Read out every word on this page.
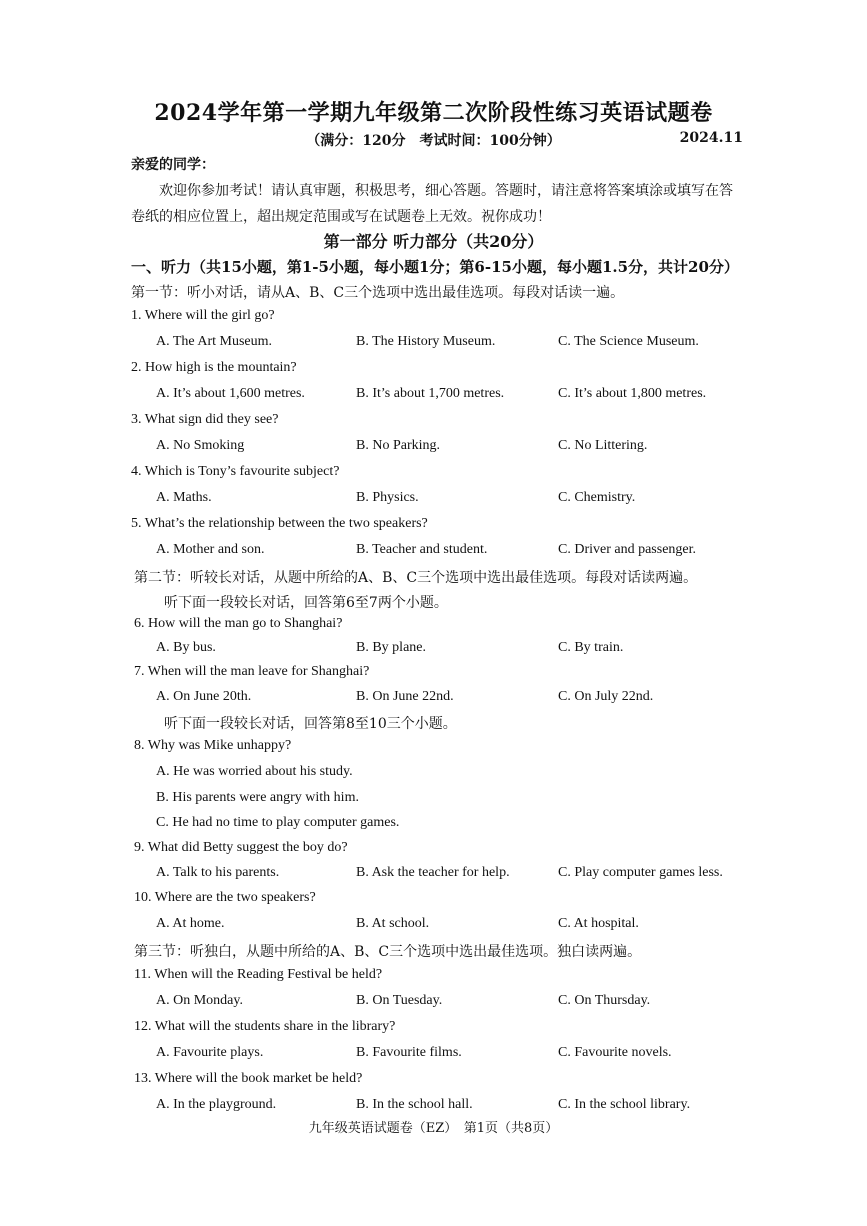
2024学年第一学期九年级第二次阶段性练习英语试题卷
（满分：120分　考试时间：100分钟）	2024.11
亲爱的同学：
欢迎你参加考试！请认真审题，积极思考，细心答题。答题时，请注意将答案填涂或填写在答卷纸的相应位置上，超出规定范围或写在试题卷上无效。祝你成功！
第一部分 听力部分（共20分）
一、听力（共15小题，第1-5小题，每小题1分；第6-15小题，每小题1.5分，共计20分）
第一节：听小对话，请从A、B、C三个选项中选出最佳选项。每段对话读一遍。
1. Where will the girl go?
A. The Art Museum.	B. The History Museum.	C. The Science Museum.
2. How high is the mountain?
A. It’s about 1,600 metres.	B. It’s about 1,700 metres.	C. It’s about 1,800 metres.
3. What sign did they see?
A. No Smoking	B. No Parking.	C. No Littering.
4. Which is Tony’s favourite subject?
A. Maths.	B. Physics.	C. Chemistry.
5. What’s the relationship between the two speakers?
A. Mother and son.	B. Teacher and student.	C. Driver and passenger.
第二节：听较长对话，从题中所给的A、B、C三个选项中选出最佳选项。每段对话读两遍。
听下面一段较长对话，回答第6至7两个小题。
6. How will the man go to Shanghai?
A. By bus.	B. By plane.	C. By train.
7. When will the man leave for Shanghai?
A. On June 20th.	B. On June 22nd.	C. On July 22nd.
听下面一段较长对话，回答第8至10三个小题。
8. Why was Mike unhappy?
A. He was worried about his study.
B. His parents were angry with him.
C. He had no time to play computer games.
9. What did Betty suggest the boy do?
A. Talk to his parents.	B. Ask the teacher for help.	C. Play computer games less.
10. Where are the two speakers?
A. At home.	B. At school.	C. At hospital.
第三节：听独白，从题中所给的A、B、C三个选项中选出最佳选项。独白读两遍。
11. When will the Reading Festival be held?
A. On Monday.	B. On Tuesday.	C. On Thursday.
12. What will the students share in the library?
A. Favourite plays.	B. Favourite films.	C. Favourite novels.
13. Where will the book market be held?
A. In the playground.	B. In the school hall.	C. In the school library.
九年级英语试题卷（EZ）　第1页（共8页）
